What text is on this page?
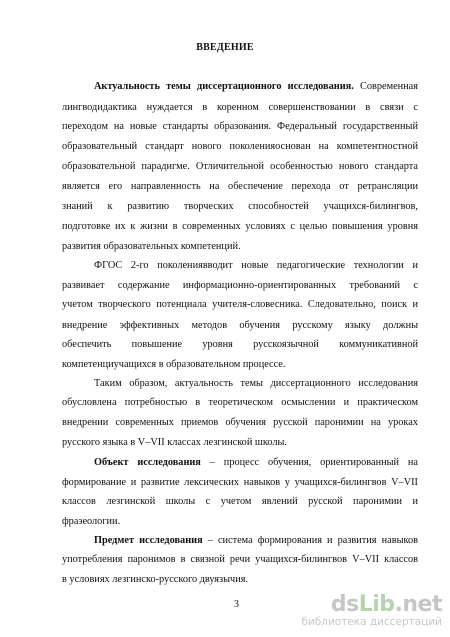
ВВЕДЕНИЕ
Актуальность темы диссертационного исследования. Современная
лингводидактика нуждается в коренном совершенствовании в связи с
переходом на новые стандарты образования. Федеральный государственный
образовательный стандарт нового поколенияоснован на компетентностной
образовательной парадигме. Отличительной особенностью нового стандарта
является его направленность на обеспечение перехода от ретрансляции
знаний к развитию творческих способностей учащихся-билингвов,
подготовке их к жизни в современных условиях с целью повышения уровня
развития образовательных компетенций.
ФГОС 2-го поколениявводит новые педагогические технологии и
развивает содержание информационно-ориентированных требований с
учетом творческого потенциала учителя-словесника. Следовательно, поиск и
внедрение эффективных методов обучения русскому языку должны
обеспечить повышение уровня русскоязычной коммуникативной
компетенциучащихся в образовательном процессе.
Таким образом, актуальность темы диссертационного исследования
обусловлена потребностью в теоретическом осмыслении и практическом
внедрении современных приемов обучения русской паронимии на уроках
русского языка в V–VII классах лезгинской школы.
Объект исследования – процесс обучения, ориентированный на
формирование и развитие лексических навыков у учащихся-билингвов V–VII
классов лезгинской школы с учетом явлений русской паронимии и
фразеологии.
Предмет исследования – система формирования и развития навыков
употребления паронимов в связной речи учащихся-билингвов V–VII классов
в условиях лезгинско-русского двуязычия.
3	dsLib.net
библиотека диссертаций
